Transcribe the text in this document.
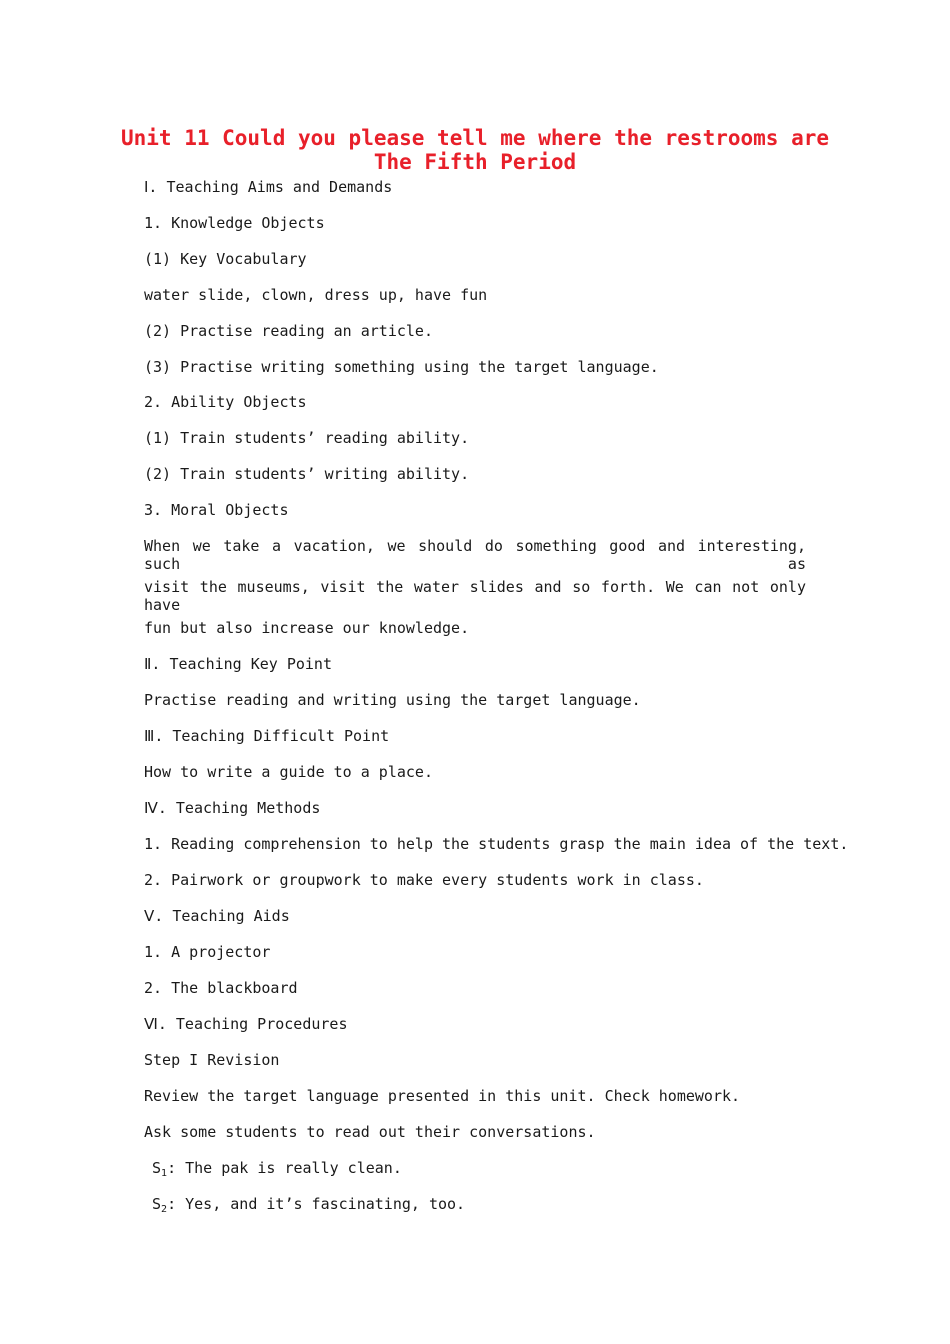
Unit 11 Could you please tell me where the restrooms are
The Fifth Period
Ⅰ. Teaching Aims and Demands
1. Knowledge Objects
(1) Key Vocabulary
water slide, clown, dress up, have fun
(2) Practise reading an article.
(3) Practise writing something using the target language.
2. Ability Objects
(1) Train students’ reading ability.
(2) Train students’ writing ability.
3. Moral Objects
When we take a vacation, we should do something good and interesting, such as
visit the museums, visit the water slides and so forth. We can not only have
fun but also increase our knowledge.
Ⅱ. Teaching Key Point
Practise reading and writing using the target language.
Ⅲ. Teaching Difficult Point
How to write a guide to a place.
Ⅳ. Teaching Methods
1. Reading comprehension to help the students grasp the main idea of the text.
2. Pairwork or groupwork to make every students work in class.
Ⅴ. Teaching Aids
1. A projector
2. The blackboard
Ⅵ. Teaching Procedures
Step I Revision
Review the target language presented in this unit. Check homework.
Ask some students to read out their conversations.
$S_1$: The pak is really clean.
$S_2$: Yes, and it’s fascinating, too.
